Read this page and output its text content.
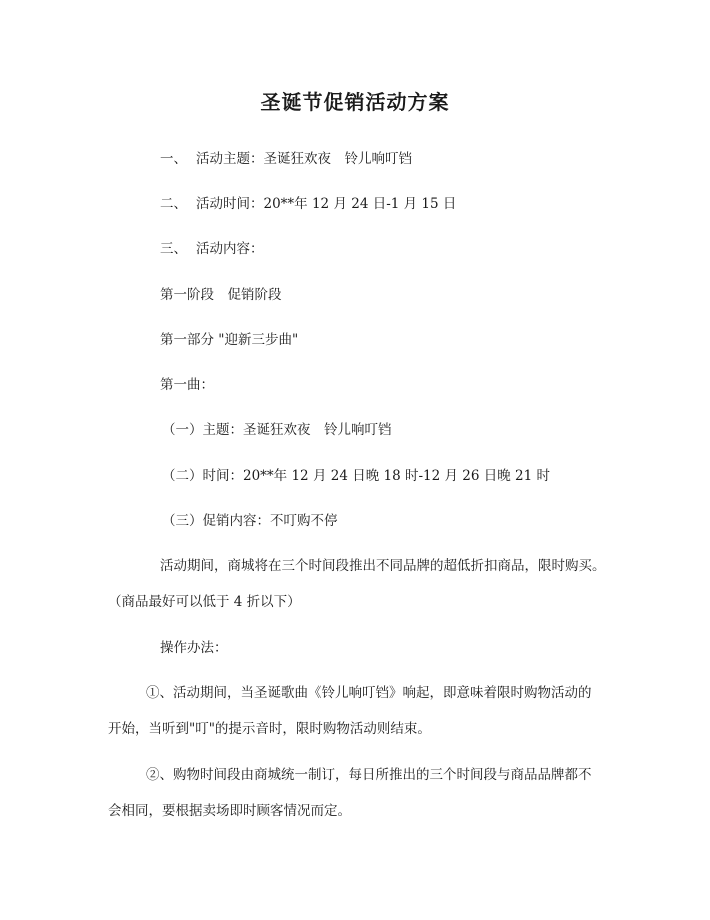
圣诞节促销活动方案
一、 活动主题：圣诞狂欢夜　铃儿响叮铛
二、 活动时间：20**年 12 月 24 日-1 月 15 日
三、 活动内容：
第一阶段　促销阶段
第一部分 "迎新三步曲"
第一曲：
（一）主题：圣诞狂欢夜　铃儿响叮铛
（二）时间：20**年 12 月 24 日晚 18 时-12 月 26 日晚 21 时
（三）促销内容：不叮购不停
活动期间，商城将在三个时间段推出不同品牌的超低折扣商品，限时购买。
（商品最好可以低于 4 折以下）
操作办法：
①、活动期间，当圣诞歌曲《铃儿响叮铛》响起，即意味着限时购物活动的
开始，当听到"叮"的提示音时，限时购物活动则结束。
②、购物时间段由商城统一制订，每日所推出的三个时间段与商品品牌都不
会相同，要根据卖场即时顾客情况而定。
